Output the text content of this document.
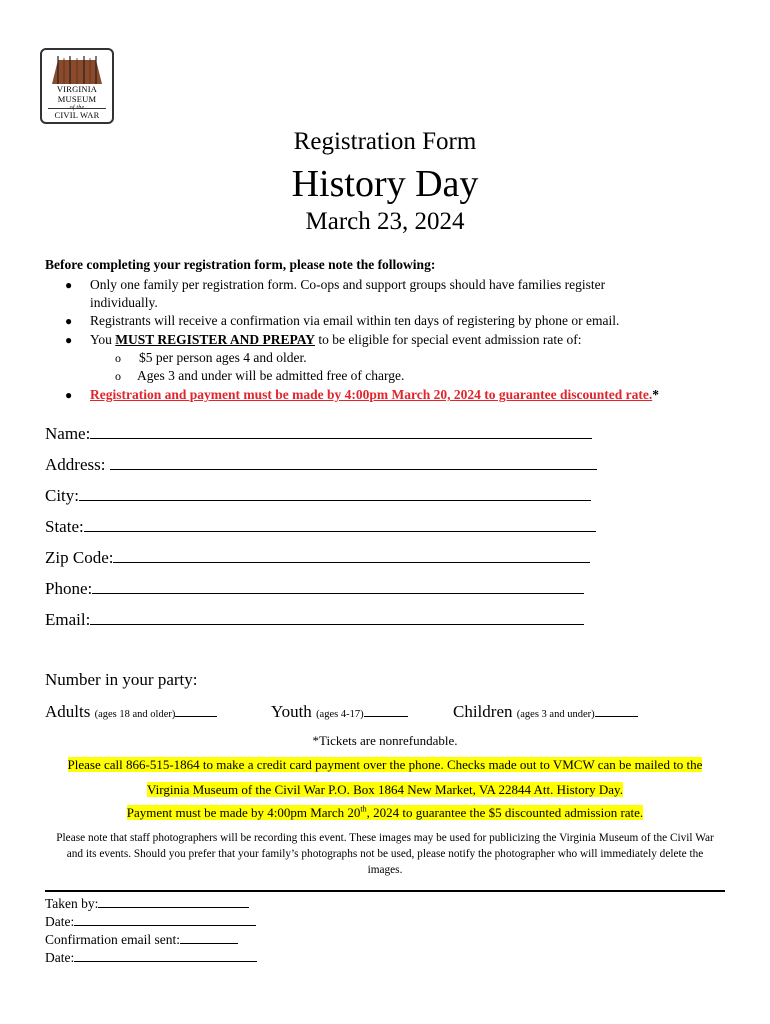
VIRGINIA
MUSEUM
of the
CIVIL WAR
Registration Form
History Day
March 23, 2024
Before completing your registration form, please note the following:
● Only one family per registration form. Co-ops and support groups should have families register
individually.
● Registrants will receive a confirmation via email within ten days of registering by phone or email.
● You MUST REGISTER AND PREPAY to be eligible for special event admission rate of:
o $5 per person ages 4 and older.
o Ages 3 and under will be admitted free of charge.
● Registration and payment must be made by 4:00pm March 20, 2024 to guarantee discounted rate.*
Name:
Address:
City:
State:
Zip Code:
Phone:
Email:
Number in your party:
Adults (ages 18 and older)	Youth (ages 4-17)	Children (ages 3 and under)
*Tickets are nonrefundable.
Please call 866-515-1864 to make a credit card payment over the phone. Checks made out to VMCW can be mailed to the
Virginia Museum of the Civil War P.O. Box 1864 New Market, VA 22844 Att. History Day.
Payment must be made by 4:00pm March 20th, 2024 to guarantee the $5 discounted admission rate.
Please note that staff photographers will be recording this event. These images may be used for publicizing the Virginia Museum of the Civil War and its events. Should you prefer that your family’s photographs not be used, please notify the photographer who will immediately delete the images.
Taken by:
Date:
Confirmation email sent:
Date:
